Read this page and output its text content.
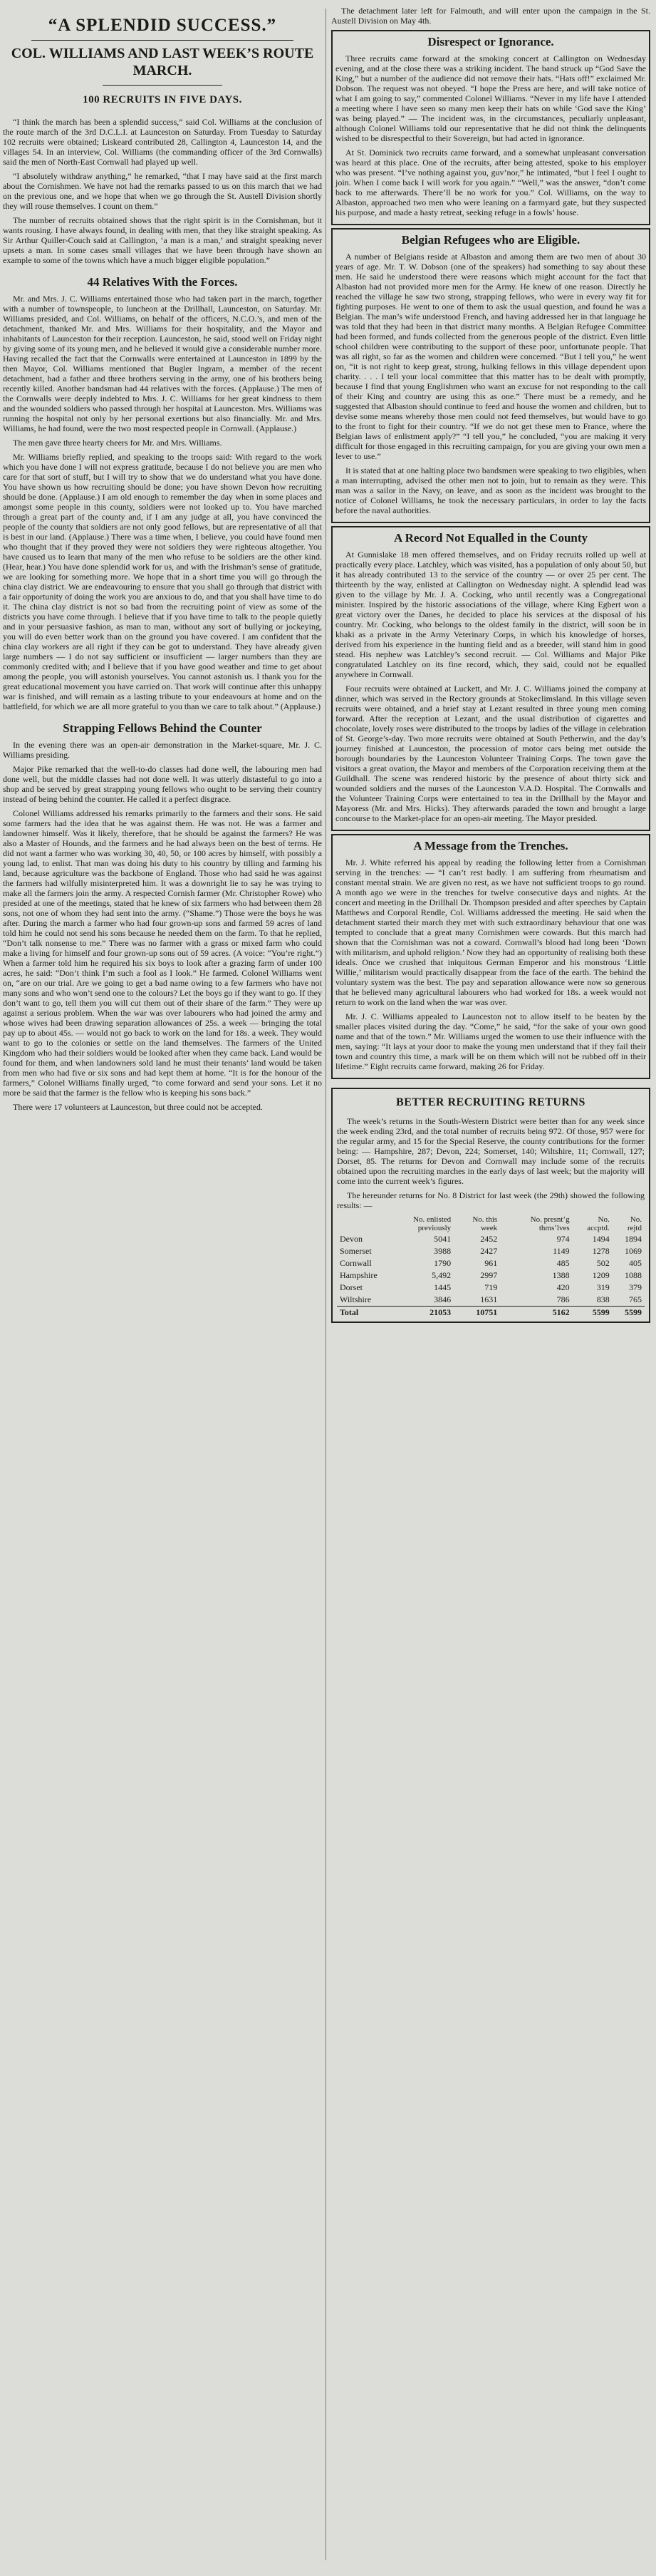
“A SPLENDID SUCCESS.”
COL. WILLIAMS AND LAST WEEK’S ROUTE MARCH.
100 RECRUITS IN FIVE DAYS.

“I think the march has been a splendid success,” said Col. Williams at the conclusion of the route march of the 3rd D.C.L.I. at Launceston on Saturday. From Tuesday to Saturday 102 recruits were obtained; Liskeard contributed 28, Callington 4, Launceston 14, and the villages 54. In an interview, Col. Williams (the commanding officer of the 3rd Cornwalls) said the men of North-East Cornwall had played up well.

“I absolutely withdraw anything,” he remarked, “that I may have said at the first march about the Cornishmen. We have not had the remarks passed to us on this march that we had on the previous one, and we hope that when we go through the St. Austell Division shortly they will rouse themselves. I count on them.”

The number of recruits obtained shows that the right spirit is in the Cornishman, but it wants rousing. I have always found, in dealing with men, that they like straight speaking. As Sir Arthur Quiller-Couch said at Callington, ‘a man is a man,’ and straight speaking never upsets a man. In some cases small villages that we have been through have shown an example to some of the towns which have a much bigger eligible population.”

44 Relatives With the Forces.

Mr. and Mrs. J. C. Williams entertained those who had taken part in the march, together with a number of townspeople, to luncheon at the Drillhall, Launceston, on Saturday. Mr. Williams presided, and Col. Williams, on behalf of the officers, N.C.O.’s, and men of the detachment, thanked Mr. and Mrs. Williams for their hospitality, and the Mayor and inhabitants of Launceston for their reception. Launceston, he said, stood well on Friday night by giving some of its young men, and he believed it would give a considerable number more. Having recalled the fact that the Cornwalls were entertained at Launceston in 1899 by the then Mayor, Col. Williams mentioned that Bugler Ingram, a member of the recent detachment, had a father and three brothers serving in the army, one of his brothers being recently killed. Another bandsman had 44 relatives with the forces. (Applause.) The men of the Cornwalls were deeply indebted to Mrs. J. C. Williams for her great kindness to them and the wounded soldiers who passed through her hospital at Launceston. Mrs. Williams was running the hospital not only by her personal exertions but also financially. Mr. and Mrs. Williams, he had found, were the two most respected people in Cornwall. (Applause.)

The men gave three hearty cheers for Mr. and Mrs. Williams.

Mr. Williams briefly replied, and speaking to the troops said: With regard to the work which you have done I will not express gratitude, because I do not believe you are men who care for that sort of stuff, but I will try to show that we do understand what you have done. You have shown us how recruiting should be done; you have shown Devon how recruiting should be done. (Applause.) I am old enough to remember the day when in some places and amongst some people in this county, soldiers were not looked up to. You have marched through a great part of the county and, if I am any judge at all, you have convinced the people of the county that soldiers are not only good fellows, but are representative of all that is best in our land. (Applause.) There was a time when, I believe, you could have found men who thought that if they proved they were not soldiers they were righteous altogether. You have caused us to learn that many of the men who refuse to be soldiers are the other kind. (Hear, hear.) You have done splendid work for us, and with the Irishman’s sense of gratitude, we are looking for something more. We hope that in a short time you will go through the china clay district. We are endeavouring to ensure that you shall go through that district with a fair opportunity of doing the work you are anxious to do, and that you shall have time to do it. The china clay district is not so bad from the recruiting point of view as some of the districts you have come through. I believe that if you have time to talk to the people quietly and in your persuasive fashion, as man to man, without any sort of bullying or jockeying, you will do even better work than on the ground you have covered. I am confident that the china clay workers are all right if they can be got to understand. They have already given large numbers — I do not say sufficient or insufficient — larger numbers than they are commonly credited with; and I believe that if you have good weather and time to get about among the people, you will astonish yourselves. You cannot astonish us. I thank you for the great educational movement you have carried on. That work will continue after this unhappy war is finished, and will remain as a lasting tribute to your endeavours at home and on the battlefield, for which we are all more grateful to you than we care to talk about.” (Applause.)

Strapping Fellows Behind the Counter

In the evening there was an open-air demonstration in the Market-square, Mr. J. C. Williams presiding.

Major Pike remarked that the well-to-do classes had done well, the labouring men had done well, but the middle classes had not done well. It was utterly distasteful to go into a shop and be served by great strapping young fellows who ought to be serving their country instead of being behind the counter. He called it a perfect disgrace.

Colonel Williams addressed his remarks primarily to the farmers and their sons. He said some farmers had the idea that he was against them. He was not. He was a farmer and landowner himself. Was it likely, therefore, that he should be against the farmers? He was also a Master of Hounds, and the farmers and he had always been on the best of terms. He did not want a farmer who was working 30, 40, 50, or 100 acres by himself, with possibly a young lad, to enlist. That man was doing his duty to his country by tilling and farming his land, because agriculture was the backbone of England. Those who had said he was against the farmers had wilfully misinterpreted him. It was a downright lie to say he was trying to make all the farmers join the army. A respected Cornish farmer (Mr. Christopher Rowe) who presided at one of the meetings, stated that he knew of six farmers who had between them 28 sons, not one of whom they had sent into the army. (“Shame.”) Those were the boys he was after. During the march a farmer who had four grown-up sons and farmed 59 acres of land told him he could not send his sons because he needed them on the farm. To that he replied, “Don’t talk nonsense to me.” There was no farmer with a grass or mixed farm who could make a living for himself and four grown-up sons out of 59 acres. (A voice: “You’re right.”) When a farmer told him he required his six boys to look after a grazing farm of under 100 acres, he said: “Don’t think I’m such a fool as I look.” He farmed. Colonel Williams went on, “are on our trial. Are we going to get a bad name owing to a few farmers who have not many sons and who won’t send one to the colours? Let the boys go if they want to go. If they don’t want to go, tell them you will cut them out of their share of the farm.” They were up against a serious problem. When the war was over labourers who had joined the army and whose wives had been drawing separation allowances of 25s. a week — bringing the total pay up to about 45s. — would not go back to work on the land for 18s. a week. They would want to go to the colonies or settle on the land themselves. The farmers of the United Kingdom who had their soldiers would be looked after when they came back. Land would be found for them, and when landowners sold land he must their tenants’ land would be taken from men who had five or six sons and had kept them at home. “It is for the honour of the farmers,” Colonel Williams finally urged, “to come forward and send your sons. Let it no more be said that the farmer is the fellow who is keeping his sons back.”

There were 17 volunteers at Launceston, but three could not be accepted.

The detachment later left for Falmouth, and will enter upon the campaign in the St. Austell Division on May 4th.

Disrespect or Ignorance.

Three recruits came forward at the smoking concert at Callington on Wednesday evening, and at the close there was a striking incident. The band struck up “God Save the King,” but a number of the audience did not remove their hats. “Hats off!” exclaimed Mr. Dobson. The request was not obeyed. “I hope the Press are here, and will take notice of what I am going to say,” commented Colonel Williams. “Never in my life have I attended a meeting where I have seen so many men keep their hats on while ‘God save the King’ was being played.” — The incident was, in the circumstances, peculiarly unpleasant, although Colonel Williams told our representative that he did not think the delinquents wished to be disrespectful to their Sovereign, but had acted in ignorance.

At St. Dominick two recruits came forward, and a somewhat unpleasant conversation was heard at this place. One of the recruits, after being attested, spoke to his employer who was present. “I’ve nothing against you, guv’nor,” he intimated, “but I feel I ought to join. When I come back I will work for you again.” “Well,” was the answer, “don’t come back to me afterwards. There’ll be no work for you.” Col. Williams, on the way to Albaston, approached two men who were leaning on a farmyard gate, but they suspected his purpose, and made a hasty retreat, seeking refuge in a fowls’ house.

Belgian Refugees who are Eligible.

A number of Belgians reside at Albaston and among them are two men of about 30 years of age. Mr. T. W. Dobson (one of the speakers) had something to say about these men. He said he understood there were reasons which might account for the fact that Albaston had not provided more men for the Army. He knew of one reason. Directly he reached the village he saw two strong, strapping fellows, who were in every way fit for fighting purposes. He went to one of them to ask the usual question, and found he was a Belgian. The man’s wife understood French, and having addressed her in that language he was told that they had been in that district many months. A Belgian Refugee Committee had been formed, and funds collected from the generous people of the district. Even little school children were contributing to the support of these poor, unfortunate people. That was all right, so far as the women and children were concerned. “But I tell you,” he went on, “it is not right to keep great, strong, hulking fellows in this village dependent upon charity. . . . I tell your local committee that this matter has to be dealt with promptly, because I find that young Englishmen who want an excuse for not responding to the call of their King and country are using this as one.” There must be a remedy, and he suggested that Albaston should continue to feed and house the women and children, but to devise some means whereby those men could not feed themselves, but would have to go to the front to fight for their country. “If we do not get these men to France, where the Belgian laws of enlistment apply?” “I tell you,” he concluded, “you are making it very difficult for those engaged in this recruiting campaign, for you are giving your own men a lever to use.”

It is stated that at one halting place two bandsmen were speaking to two eligibles, when a man interrupting, advised the other men not to join, but to remain as they were. This man was a sailor in the Navy, on leave, and as soon as the incident was brought to the notice of Colonel Williams, he took the necessary particulars, in order to lay the facts before the naval authorities.

A Record Not Equalled in the County

At Gunnislake 18 men offered themselves, and on Friday recruits rolled up well at practically every place. Latchley, which was visited, has a population of only about 50, but it has already contributed 13 to the service of the country — or over 25 per cent. The thirteenth by the way, enlisted at Callington on Wednesday night. A splendid lead was given to the village by Mr. J. A. Cocking, who until recently was a Congregational minister. Inspired by the historic associations of the village, where King Egbert won a great victory over the Danes, he decided to place his services at the disposal of his country. Mr. Cocking, who belongs to the oldest family in the district, will soon be in khaki as a private in the Army Veterinary Corps, in which his knowledge of horses, derived from his experience in the hunting field and as a breeder, will stand him in good stead. His nephew was Latchley’s second recruit. — Col. Williams and Major Pike congratulated Latchley on its fine record, which, they said, could not be equalled anywhere in Cornwall.

Four recruits were obtained at Luckett, and Mr. J. C. Williams joined the company at dinner, which was served in the Rectory grounds at Stokeclimsland. In this village seven recruits were obtained, and a brief stay at Lezant resulted in three young men coming forward. After the reception at Lezant, and the usual distribution of cigarettes and chocolate, lovely roses were distributed to the troops by ladies of the village in celebration of St. George’s-day. Two more recruits were obtained at South Petherwin, and the day’s journey finished at Launceston, the procession of motor cars being met outside the borough boundaries by the Launceston Volunteer Training Corps. The town gave the visitors a great ovation, the Mayor and members of the Corporation receiving them at the Guildhall. The scene was rendered historic by the presence of about thirty sick and wounded soldiers and the nurses of the Launceston V.A.D. Hospital. The Cornwalls and the Volunteer Training Corps were entertained to tea in the Drillhall by the Mayor and Mayoress (Mr. and Mrs. Hicks). They afterwards paraded the town and brought a large concourse to the Market-place for an open-air meeting. The Mayor presided.

A Message from the Trenches.

Mr. J. White referred his appeal by reading the following letter from a Cornishman serving in the trenches: — “I can’t rest badly. I am suffering from rheumatism and constant mental strain. We are given no rest, as we have not sufficient troops to go round. A month ago we were in the trenches for twelve consecutive days and nights. At the concert and meeting in the Drillhall Dr. Thompson presided and after speeches by Captain Matthews and Corporal Rendle, Col. Williams addressed the meeting. He said when the detachment started their march they met with such extraordinary behaviour that one was tempted to conclude that a great many Cornishmen were cowards. But this march had shown that the Cornishman was not a coward. Cornwall’s blood had long been ‘Down with militarism, and uphold religion.’ Now they had an opportunity of realising both these ideals. Once we crushed that iniquitous German Emperor and his monstrous ‘Little Willie,’ militarism would practically disappear from the face of the earth. The behind the voluntary system was the best. The pay and separation allowance were now so generous that he believed many agricultural labourers who had worked for 18s. a week would not return to work on the land when the war was over.

Mr. J. C. Williams appealed to Launceston not to allow itself to be beaten by the smaller places visited during the day. “Come,” he said, “for the sake of your own good name and that of the town.” Mr. Williams urged the women to use their influence with the men, saying: “It lays at your door to make the young men understand that if they fail their town and country this time, a mark will be on them which will not be rubbed off in their lifetime.” Eight recruits came forward, making 26 for Friday.

BETTER RECRUITING RETURNS

The week’s returns in the South-Western District were better than for any week since the week ending 23rd, and the total number of recruits being 972. Of those, 957 were for the regular army, and 15 for the Special Reserve, the county contributions for the former being: — Hampshire, 287; Devon, 224; Somerset, 140; Wiltshire, 11; Cornwall, 127; Dorset, 85. The returns for Devon and Cornwall may include some of the recruits obtained upon the recruiting marches in the early days of last week; but the majority will come into the current week’s figures.

The hereunder returns for No. 8 District for last week (the 29th) showed the following results: —

	No. enlisted previously	No. this week	No. presnt’g thms’lves	No. accptd.	No. rejtd
Devon	5041	2452	974	1494	1894
Somerset	3988	2427	1149	1278	1069
Cornwall	1790	961	485	502	405
Hampshire	5,492	2997	1388	1209	1088
Dorset	1445	719	420	319	379
Wiltshire	3846	1631	786	838	765
Total	21053	10751	5162	5599	5599
